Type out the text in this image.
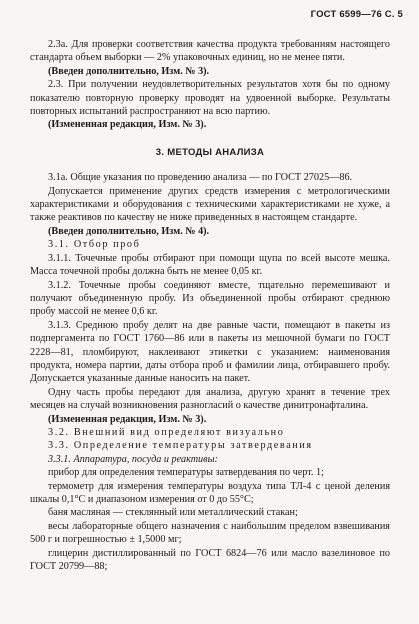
ГОСТ 6599—76 С. 5

2.3а. Для проверки соответствия качества продукта требованиям настоящего стандарта объем выборки — 2% упаковочных единиц, но не менее пяти.

(Введен дополнительно, Изм. № 3).

2.3. При получении неудовлетворительных результатов хотя бы по одному показателю повторную проверку проводят на удвоенной выборке. Результаты повторных испытаний распространяют на всю партию.

(Измененная редакция, Изм. № 3).

3. МЕТОДЫ АНАЛИЗА

3.1а. Общие указания по проведению анализа — по ГОСТ 27025—86.

Допускается применение других средств измерения с метрологическими характеристиками и оборудования с техническими характеристиками не хуже, а также реактивов по качеству не ниже приведенных в настоящем стандарте.

(Введен дополнительно, Изм. № 4).

3.1. Отбор проб

3.1.1. Точечные пробы отбирают при помощи щупа по всей высоте мешка. Масса точечной пробы должна быть не менее 0,05 кг.

3.1.2. Точечные пробы соединяют вместе, тщательно перемешивают и получают объединенную пробу. Из объединенной пробы отбирают среднюю пробу массой не менее 0,6 кг.

3.1.3. Среднюю пробу делят на две равные части, помещают в пакеты из подпергамента по ГОСТ 1760—86 или в пакеты из мешочной бумаги по ГОСТ 2228—81, пломбируют, наклеивают этикетки с указанием: наименования продукта, номера партии, даты отбора проб и фамилии лица, отбиравшего пробу. Допускается указанные данные наносить на пакет.

Одну часть пробы передают для анализа, другую хранят в течение трех месяцев на случай возникновения разногласий о качестве динитронафталина.

(Измененная редакция, Изм. № 3).

3.2. Внешний вид определяют визуально

3.3. Определение температуры затвердевания

3.3.1. Аппаратура, посуда и реактивы:

прибор для определения температуры затвердевания по черт. 1;

термометр для измерения температуры воздуха типа ТЛ-4 с ценой деления шкалы 0,1°С и диапазоном измерения от 0 до 55°С;

баня масляная — стеклянный или металлический стакан;

весы лабораторные общего назначения с наибольшим пределом взвешивания 500 г и погрешностью ± 1,5000 мг;

глицерин дистиллированный по ГОСТ 6824—76 или масло вазелиновое по ГОСТ 20799—88;
